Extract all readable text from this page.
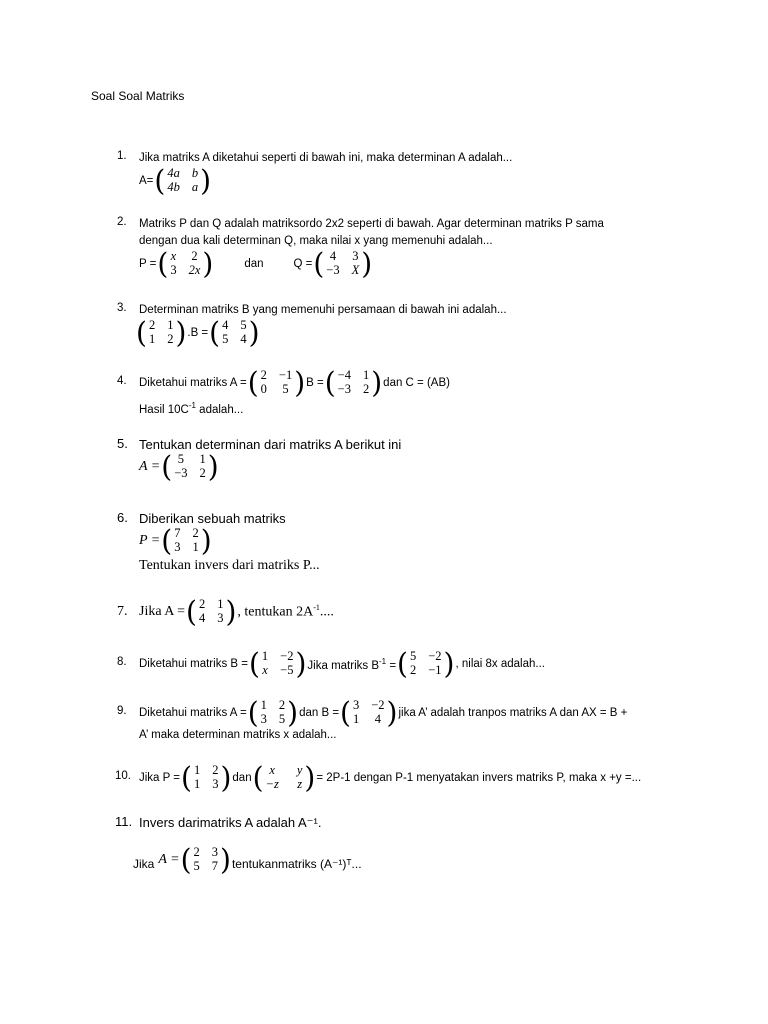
Soal Soal Matriks
1.	Jika matriks A diketahui seperti di bawah ini, maka determinan A adalah...
A= ( 4a b
4b a )
2.	Matriks P dan Q adalah matriksordo 2x2 seperti di bawah. Agar determinan matriks P sama
dengan dua kali determinan Q, maka nilai x yang memenuhi adalah...
P = ( x 2
3 2x )	dan	Q = ( 4 3
−3 X )
3.	Determinan matriks B yang memenuhi persamaan di bawah ini adalah...
( 2 1
1 2 ) .B = ( 4 5
5 4 )
4.	Diketahui matriks A = ( 2 −1
0 5 ) B = ( −4 1
−3 2 ) dan C = (AB)
Hasil $10C^{-1}$ adalah...
5. Tentukan determinan dari matriks A berikut ini
A = ( 5 1
−3 2 )
6. Diberikan sebuah matriks
P = ( 7 2
3 1 )
Tentukan invers dari matriks P...
7. Jika A = ( 2 1
4 3 ) , tentukan $2A^{-1}$....
8.	Diketahui matriks B = ( 1 −2
x −5 ) Jika matriks $B^{-1}$ = ( 5 −2
2 −1 ) , nilai 8x adalah...
9.	Diketahui matriks A = ( 1 2
3 5 ) dan B = ( 3 −2
1 4 ) jika A’ adalah tranpos matriks A dan AX = B +
A’ maka determinan matriks x adalah...
10. Jika P = ( 1 2
1 3 ) dan ( x	y
−z z ) = 2P-1 dengan P-1 menyatakan invers matriks P, maka x +y =...
11. Invers darimatriks A adalah A⁻¹.
Jika A = ( 2 3
5 7 ) tentukanmatriks (A⁻¹)ᵀ...
